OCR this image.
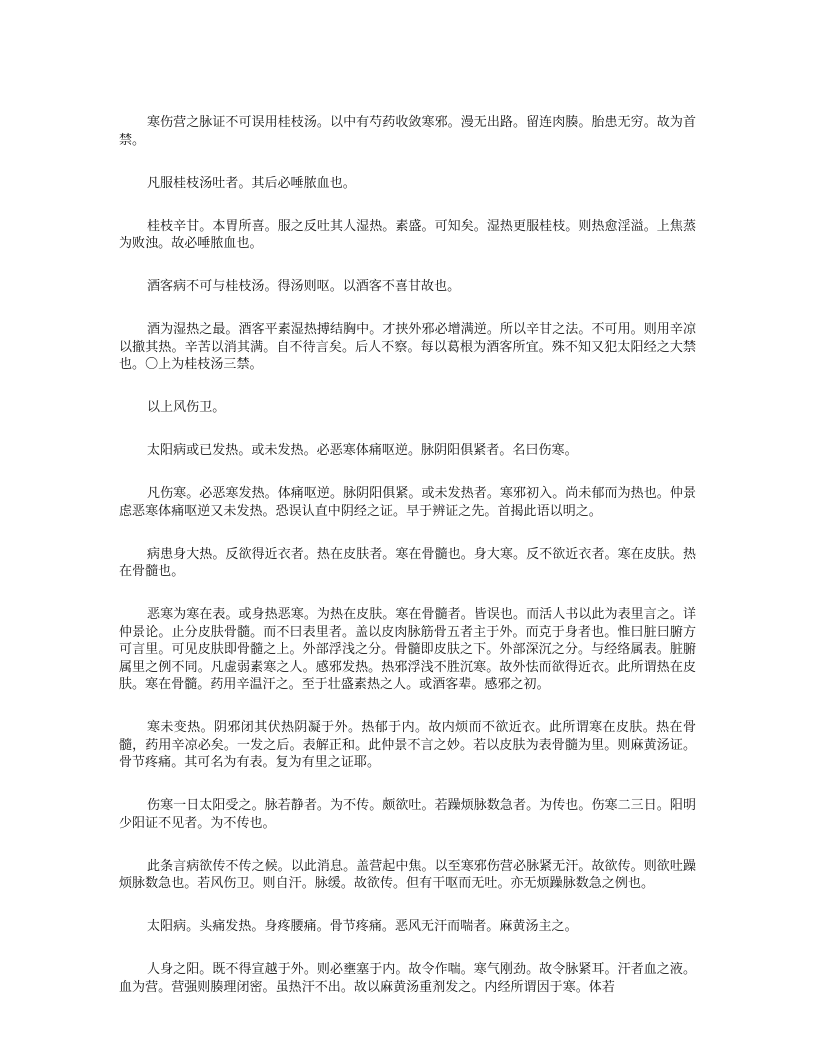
寒伤营之脉证不可误用桂枝汤。以中有芍药收敛寒邪。漫无出路。留连肉腠。胎患无穷。故为首禁。

凡服桂枝汤吐者。其后必唾脓血也。

桂枝辛甘。本胃所喜。服之反吐其人湿热。素盛。可知矣。湿热更服桂枝。则热愈淫溢。上焦蒸为败浊。故必唾脓血也。

酒客病不可与桂枝汤。得汤则呕。以酒客不喜甘故也。

酒为湿热之最。酒客平素湿热搏结胸中。才挟外邪必增满逆。所以辛甘之法。不可用。则用辛凉以撤其热。辛苦以消其满。自不待言矣。后人不察。每以葛根为酒客所宜。殊不知又犯太阳经之大禁也。〇上为桂枝汤三禁。

以上风伤卫。

太阳病或已发热。或未发热。必恶寒体痛呕逆。脉阴阳俱紧者。名曰伤寒。

凡伤寒。必恶寒发热。体痛呕逆。脉阴阳俱紧。或未发热者。寒邪初入。尚未郁而为热也。仲景虑恶寒体痛呕逆又未发热。恐误认直中阴经之证。早于辨证之先。首揭此语以明之。

病患身大热。反欲得近衣者。热在皮肤者。寒在骨髓也。身大寒。反不欲近衣者。寒在皮肤。热在骨髓也。

恶寒为寒在表。或身热恶寒。为热在皮肤。寒在骨髓者。皆误也。而活人书以此为表里言之。详仲景论。止分皮肤骨髓。而不曰表里者。盖以皮肉脉筋骨五者主于外。而克于身者也。惟曰脏曰腑方可言里。可见皮肤即骨髓之上。外部浮浅之分。骨髓即皮肤之下。外部深沉之分。与经络属表。脏腑属里之例不同。凡虚弱素寒之人。感邪发热。热邪浮浅不胜沉寒。故外怯而欲得近衣。此所谓热在皮肤。寒在骨髓。药用辛温汗之。至于壮盛素热之人。或酒客辈。感邪之初。

寒未变热。阴邪闭其伏热阴凝于外。热郁于内。故内烦而不欲近衣。此所谓寒在皮肤。热在骨髓，药用辛凉必矣。一发之后。表解正和。此仲景不言之妙。若以皮肤为表骨髓为里。则麻黄汤证。骨节疼痛。其可名为有表。复为有里之证耶。

伤寒一日太阳受之。脉若静者。为不传。颇欲吐。若躁烦脉数急者。为传也。伤寒二三日。阳明少阳证不见者。为不传也。

此条言病欲传不传之候。以此消息。盖营起中焦。以至寒邪伤营必脉紧无汗。故欲传。则欲吐躁烦脉数急也。若风伤卫。则自汗。脉缓。故欲传。但有干呕而无吐。亦无烦躁脉数急之例也。

太阳病。头痛发热。身疼腰痛。骨节疼痛。恶风无汗而喘者。麻黄汤主之。

人身之阳。既不得宣越于外。则必壅塞于内。故令作喘。寒气刚劲。故令脉紧耳。汗者血之液。血为营。营强则腠理闭密。虽热汗不出。故以麻黄汤重剂发之。内经所谓因于寒。体若
